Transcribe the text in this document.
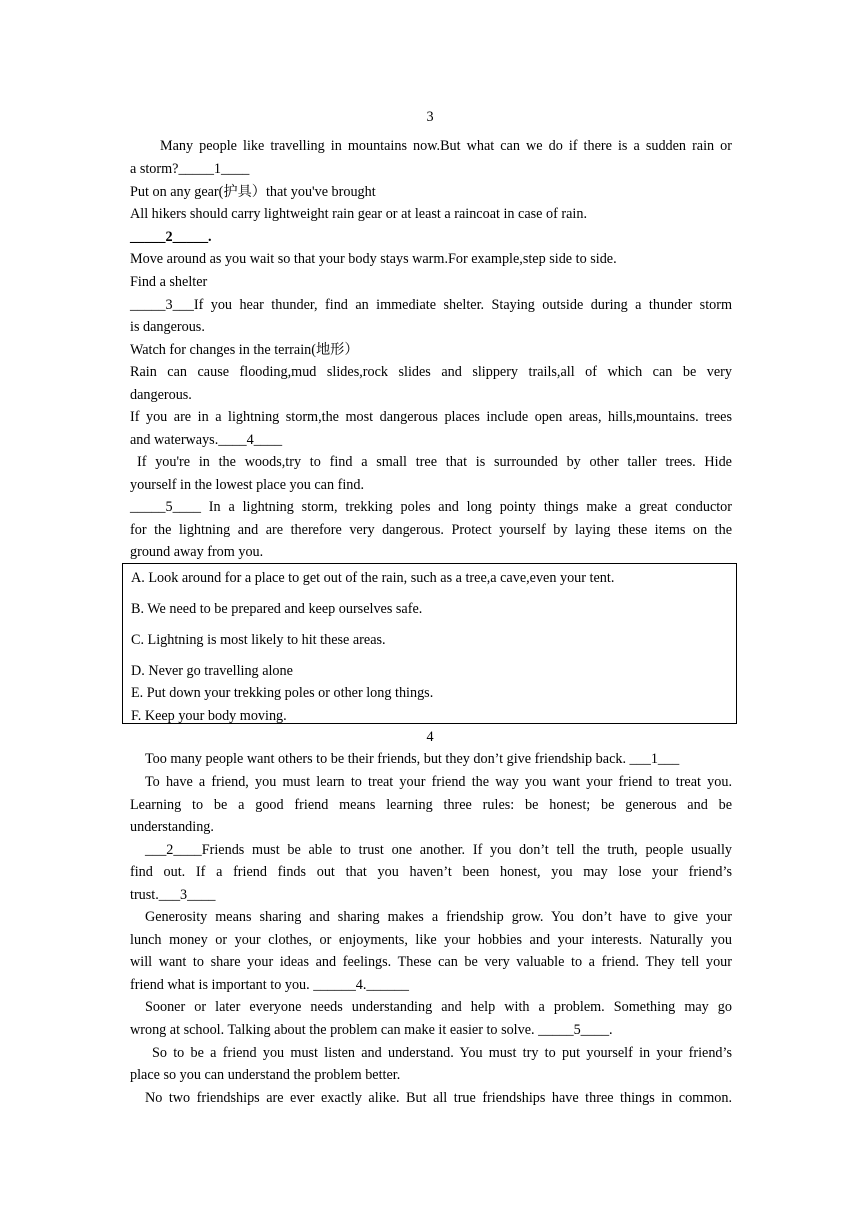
3
Many people like travelling in mountains now.But what can we do if there is a sudden rain or
a storm?_____1____
Put on any gear(护具）that you've brought
All hikers should carry lightweight rain gear or at least a raincoat in case of rain.
_____2_____.
Move around as you wait so that your body stays warm.For example,step side to side.
Find a shelter
_____3___If you hear thunder, find an immediate shelter. Staying outside during a thunder storm
is dangerous.
Watch for changes in the terrain(地形）
Rain can cause flooding,mud slides,rock slides and slippery trails,all of which can be very
dangerous.
If you are in a lightning storm,the most dangerous places include open areas, hills,mountains. trees
and waterways.____4____
If you're in the woods,try to find a small tree that is surrounded by other taller trees. Hide
yourself in the lowest place you can find.
_____5____ In a lightning storm, trekking poles and long pointy things make a great conductor
for the lightning and are therefore very dangerous. Protect yourself by laying these items on the
ground away from you.
A. Look around for a place to get out of the rain, such as a tree,a cave,even your tent.
B. We need to be prepared and keep ourselves safe.
C. Lightning is most likely to hit these areas.
D. Never go travelling alone
E. Put down your trekking poles or other long things.
F. Keep your body moving.
4
Too many people want others to be their friends, but they don’t give friendship back. ___1___
To have a friend, you must learn to treat your friend the way you want your friend to treat you.
Learning to be a good friend means learning three rules: be honest; be generous and be
understanding.
___2____Friends must be able to trust one another. If you don’t tell the truth, people usually
find out. If a friend finds out that you haven’t been honest, you may lose your friend’s
trust.___3____
Generosity means sharing and sharing makes a friendship grow. You don’t have to give your
lunch money or your clothes, or enjoyments, like your hobbies and your interests. Naturally you
will want to share your ideas and feelings. These can be very valuable to a friend. They tell your
friend what is important to you. ______4.______
Sooner or later everyone needs understanding and help with a problem. Something may go
wrong at school. Talking about the problem can make it easier to solve. _____5____.
So to be a friend you must listen and understand. You must try to put yourself in your friend’s
place so you can understand the problem better.
No two friendships are ever exactly alike. But all true friendships have three things in common.
